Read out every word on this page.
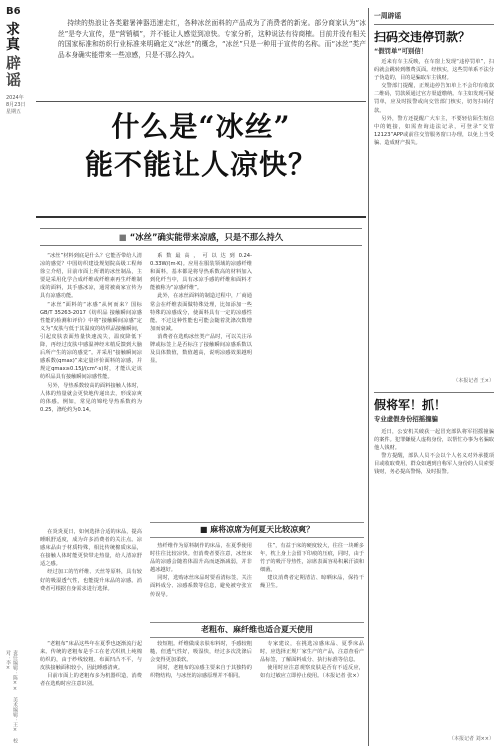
B6
求真
辟谣
2024年
8月23日
星期五
责任编辑：陈××　美术编辑：王×　校对：李×
持续的热浪让各类避暑神器迅速走红，各种冰丝面料的产品成为了消费者的新宠。部分商家认为“冰丝”是夸大宣传，是“营销稿”，并不能让人感觉到凉快。专家分析，这种说法有待商榷。目前并没有相关的国家标准和纺织行业标准来明确定义“冰丝”的概念，“冰丝”只是一种用于宣传的名称。而“冰丝”类产品本身确实能带来一些凉感，只是不那么持久。
什么是“冰丝”
能不能让人凉快？
■ “冰丝”确实能带来凉感，只是不那么持久

“冰丝”材料到底是什么？它能否带给人清凉的感觉？中国纺织建设规划院高级工程师徐立介绍，目前市面上所谓的冰丝制品，主要是采用化学合成纤维或纤维素再生纤维制成的面料，其手感冰凉，通常被商家宣传为具有凉感功能。

“冰丝”面料的“冰感”从何而来？国标GB/T 35263-2017《纺织品 接触瞬间凉感性能的检测和评价》中将“接触瞬间凉感”定义为“皮肤与低于其温度的纺织品接触瞬间，引起皮肤表面热量快速流失，温度降低下降，再经过皮肤中感温神经末梢反馈到大脑后所产生的凉的感觉”。并采用“接触瞬间凉感系数(qmax)”来定量评价面料的凉感，并规定qmax≥0.15J/(cm²·s)时，才能认定该纺织品具有接触瞬间凉感性能。

另外，导热系数较高的面料接触人体时，人体的热量就会更快地传递出去，形成凉爽的体感。例如，常见的锦纶导热系数约为0.25，涤纶约为0.14。

系数最高，可以达到0.24-0.33W/(m·K)。应用在服装领域的凉感纤维和面料，基本都是将导热系数高的材料加入到化纤当中，具有冰凉手感的纤维和面料才能被称为“凉感纤维”。

此外，在冰丝面料的制造过程中，厂商通常会在纤维表面做特殊处理，比如添加一些特殊的凉感成分，使面料具有一定的凉感性能。不过这种性能也可能会随着洗涤次数增加而衰减。

消费者在选购冰丝类产品时，可以关注吊牌或标签上是否标注了接触瞬间凉感系数以及具体数值，数值越高，说明凉感效果越明显。

■ 麻将凉席为何夏天比较凉爽？

在炎炎夏日，如何选择合适的床品，提高睡眠舒适度，成为许多消费者的关注点。凉感床品由于材质特殊，相比传统棉质床品，在接触人体时能更快带走热量，给人清凉舒适之感。

经过加工的竹纤维、天丝等原料，具有较好的吸湿透气性，也能提升床品的凉感。消费者可根据自身需求进行选择。

热纤维作为原料制作的床品，在夏季使用时往往比较凉快。但消费者要注意，冰丝床品的凉感会随着体温升高而逐渐减弱，并非越冰越好。

同时，选购冰丝床品时要看清标签，关注面料成分、凉感系数等信息，避免被夸张宣传误导。

住”，有益于床的硬度较大，往往一块睡多年，枕上身上会留下印痕的压痕，同时，由于竹子的吸汗导热性，凉席表面容易积累汗渍和细菌。

建议消费者定期清洁、晾晒床品，保持干燥卫生。

老粗布、麻纤维也适合夏天使用

“老粗布”床品这些年在夏季也逐渐流行起来。传统的老粗布是手工在老式织机上纯棉纺织的，由于纱线较粗、布面凹凸不平，与皮肤接触面积较小，因此睡感清爽。

目前市面上的老粗布多为机器织造，消费者在选购时应注意识别。

较短粗。纤维做成亲肤布料时，手感较粗糙，但透气性好，吸湿快，经过多次洗涤后会变得更加柔软。

同时，老粗布的凉感主要来自于其独特的织物结构，与冰丝的凉感原理并不相同。

专家建议，在挑选凉感床品、夏季床品时，应选择正规厂家生产的产品，注意查看产品标签，了解面料成分、执行标准等信息。

使用时应注意观察皮肤是否有不适反应，如有过敏应立即停止使用。（本报记者 张×）

一周辟谣
扫码交违停罚款？
“假罚单”可别信！

近来有车主反映，在车窗上发现“违停罚单”，扫码就会跳转到缴费页面。经核实，这些罚单系不法分子伪造的，目的是骗取车主钱财。

交警部门提醒，正规违停告知单上不会印有收款二维码，罚款须通过官方渠道缴纳。车主如发现可疑罚单，应及时报警或向交管部门核实，切勿扫码付款。

另外，警方还提醒广大车主，不要轻信陌生短信中的链接，如需查询违法记录，可登录“交管12123”APP或前往交管服务窗口办理，以免上当受骗、造成财产损失。

（本报记者 王×）
假将军！抓！
专业虚假身份招摇撞骗

近日，公安机关破获一起冒充部队将军招摇撞骗的案件。犯罪嫌疑人虚构身份，以帮忙办事为名骗取他人钱财。

警方提醒，部队人员不会以个人名义对外承揽项目或收取费用，群众如遇到自称军人身份的人员索要钱财，务必提高警惕，及时报警。

（本报记者 刘××）
